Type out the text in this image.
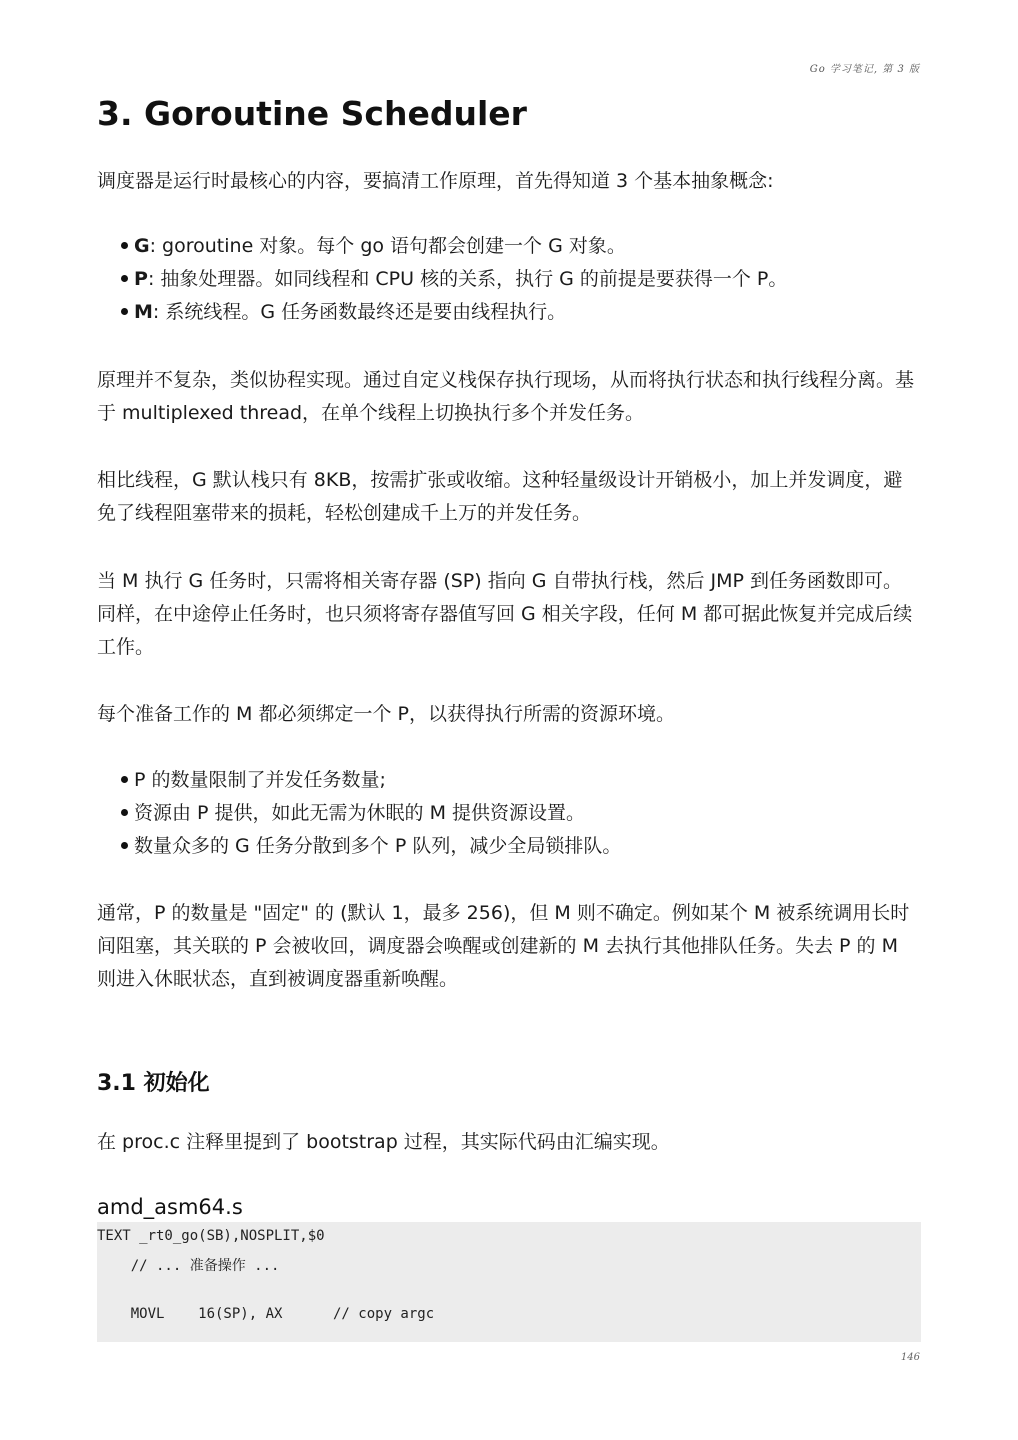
Go 学习笔记, 第 3 版
3. Goroutine Scheduler

调度器是运行时最核心的内容，要搞清工作原理，首先得知道 3 个基本抽象概念:

G: goroutine 对象。每个 go 语句都会创建一个 G 对象。
P: 抽象处理器。如同线程和 CPU 核的关系，执行 G 的前提是要获得一个 P。
M: 系统线程。G 任务函数最终还是要由线程执行。

原理并不复杂，类似协程实现。通过自定义栈保存执行现场，从而将执行状态和执行线程分离。基于 multiplexed thread，在单个线程上切换执行多个并发任务。

相比线程，G 默认栈只有 8KB，按需扩张或收缩。这种轻量级设计开销极小，加上并发调度，避免了线程阻塞带来的损耗，轻松创建成千上万的并发任务。

当 M 执行 G 任务时，只需将相关寄存器 (SP) 指向 G 自带执行栈，然后 JMP 到任务函数即可。同样，在中途停止任务时，也只须将寄存器值写回 G 相关字段，任何 M 都可据此恢复并完成后续工作。

每个准备工作的 M 都必须绑定一个 P，以获得执行所需的资源环境。

P 的数量限制了并发任务数量;
资源由 P 提供，如此无需为休眠的 M 提供资源设置。
数量众多的 G 任务分散到多个 P 队列，减少全局锁排队。

通常，P 的数量是 "固定" 的 (默认 1，最多 256)，但 M 则不确定。例如某个 M 被系统调用长时间阻塞，其关联的 P 会被收回，调度器会唤醒或创建新的 M 去执行其他排队任务。失去 P 的 M 则进入休眠状态，直到被调度器重新唤醒。

3.1 初始化

在 proc.c 注释里提到了 bootstrap 过程，其实际代码由汇编实现。

amd_asm64.s
TEXT _rt0_go(SB),NOSPLIT,$0
// ... 准备操作 ...
MOVL    16(SP), AX      // copy argc
146
